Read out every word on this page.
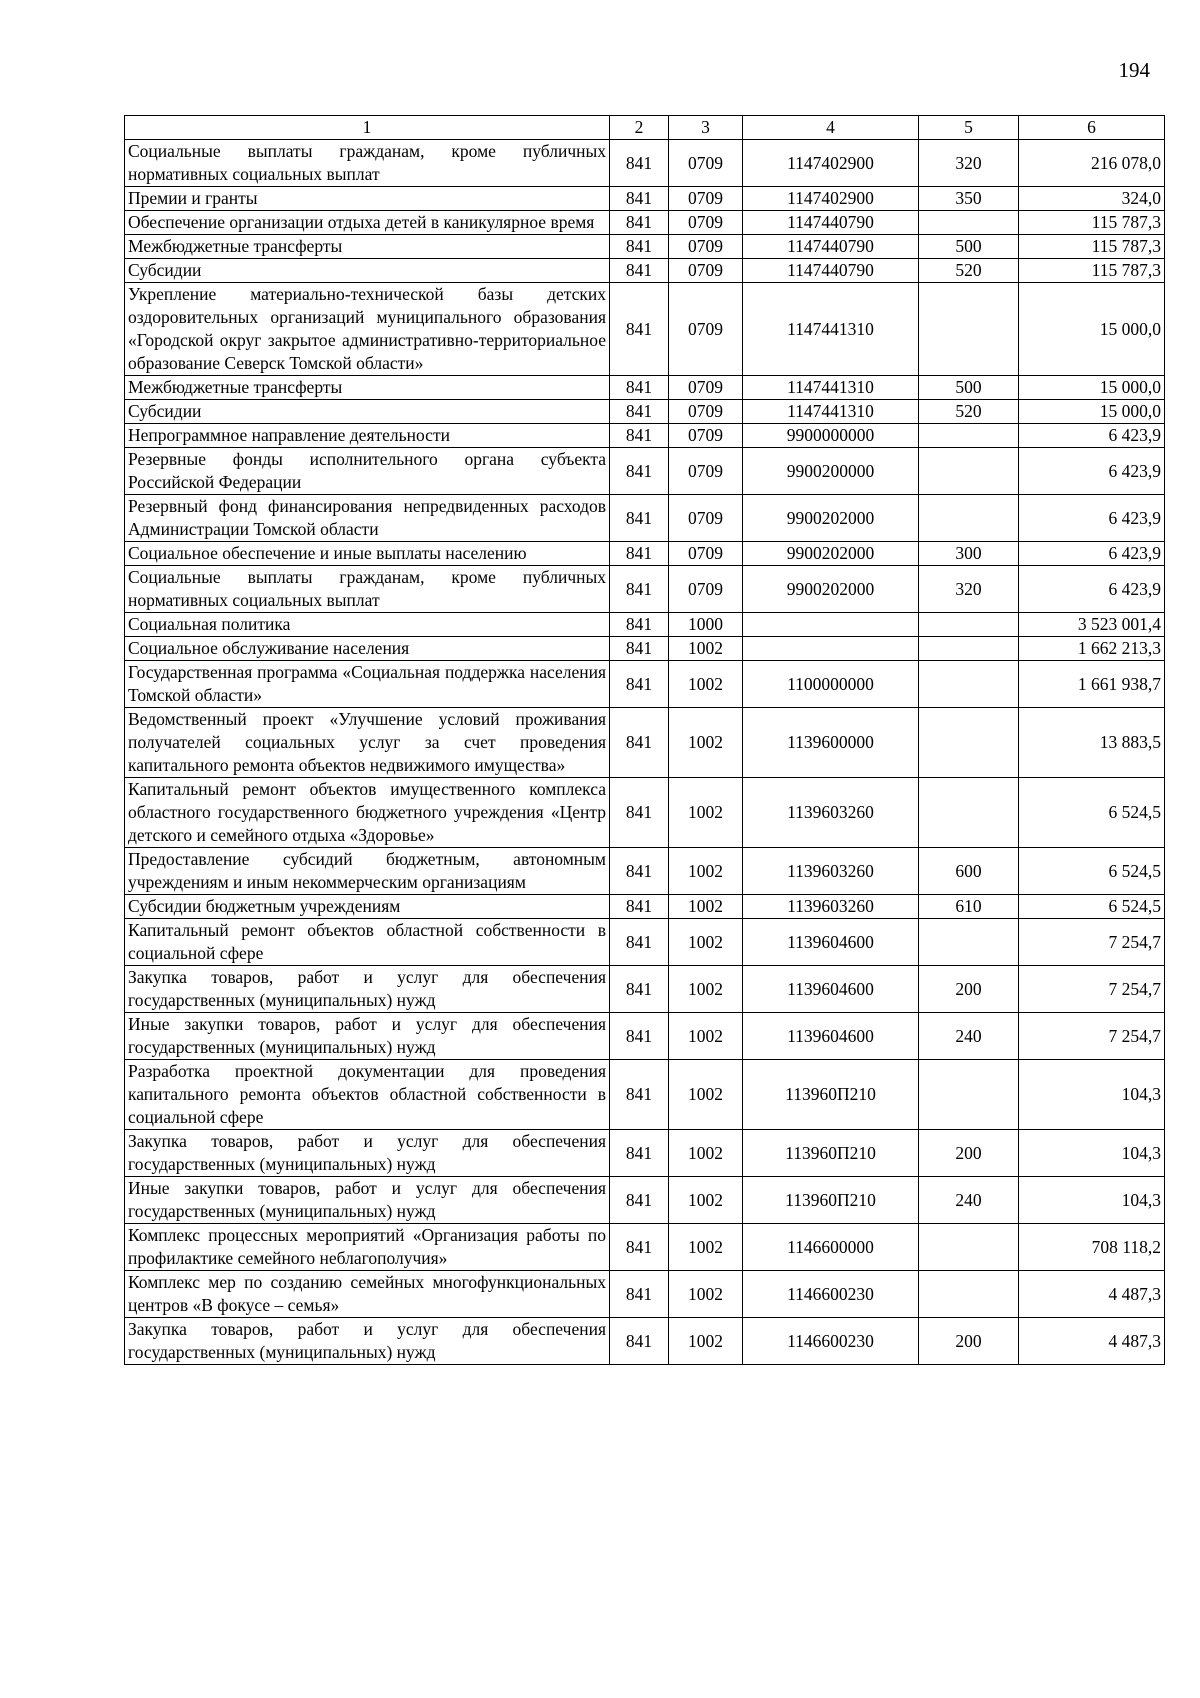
194
1	2	3	4	5	6
Социальные выплаты гражданам, кроме публичных нормативных социальных выплат	841	0709	1147402900	320	216 078,0
Премии и гранты	841	0709	1147402900	350	324,0
Обеспечение организации отдыха детей в каникулярное время	841	0709	1147440790		115 787,3
Межбюджетные трансферты	841	0709	1147440790	500	115 787,3
Субсидии	841	0709	1147440790	520	115 787,3
Укрепление материально-технической базы детских оздоровительных организаций муниципального образования «Городской округ закрытое административно-территориальное образование Северск Томской области»	841	0709	1147441310		15 000,0
Межбюджетные трансферты	841	0709	1147441310	500	15 000,0
Субсидии	841	0709	1147441310	520	15 000,0
Непрограммное направление деятельности	841	0709	9900000000		6 423,9
Резервные фонды исполнительного органа субъекта Российской Федерации	841	0709	9900200000		6 423,9
Резервный фонд финансирования непредвиденных расходов Администрации Томской области	841	0709	9900202000		6 423,9
Социальное обеспечение и иные выплаты населению	841	0709	9900202000	300	6 423,9
Социальные выплаты гражданам, кроме публичных нормативных социальных выплат	841	0709	9900202000	320	6 423,9
Социальная политика	841	1000			3 523 001,4
Социальное обслуживание населения	841	1002			1 662 213,3
Государственная программа «Социальная поддержка населения Томской области»	841	1002	1100000000		1 661 938,7
Ведомственный проект «Улучшение условий проживания получателей социальных услуг за счет проведения капитального ремонта объектов недвижимого имущества»	841	1002	1139600000		13 883,5
Капитальный ремонт объектов имущественного комплекса областного государственного бюджетного учреждения «Центр детского и семейного отдыха «Здоровье»	841	1002	1139603260		6 524,5
Предоставление субсидий бюджетным, автономным учреждениям и иным некоммерческим организациям	841	1002	1139603260	600	6 524,5
Субсидии бюджетным учреждениям	841	1002	1139603260	610	6 524,5
Капитальный ремонт объектов областной собственности в социальной сфере	841	1002	1139604600		7 254,7
Закупка товаров, работ и услуг для обеспечения государственных (муниципальных) нужд	841	1002	1139604600	200	7 254,7
Иные закупки товаров, работ и услуг для обеспечения государственных (муниципальных) нужд	841	1002	1139604600	240	7 254,7
Разработка проектной документации для проведения капитального ремонта объектов областной собственности в социальной сфере	841	1002	113960П210		104,3
Закупка товаров, работ и услуг для обеспечения государственных (муниципальных) нужд	841	1002	113960П210	200	104,3
Иные закупки товаров, работ и услуг для обеспечения государственных (муниципальных) нужд	841	1002	113960П210	240	104,3
Комплекс процессных мероприятий «Организация работы по профилактике семейного неблагополучия»	841	1002	1146600000		708 118,2
Комплекс мер по созданию семейных многофункциональных центров «В фокусе – семья»	841	1002	1146600230		4 487,3
Закупка товаров, работ и услуг для обеспечения государственных (муниципальных) нужд	841	1002	1146600230	200	4 487,3
